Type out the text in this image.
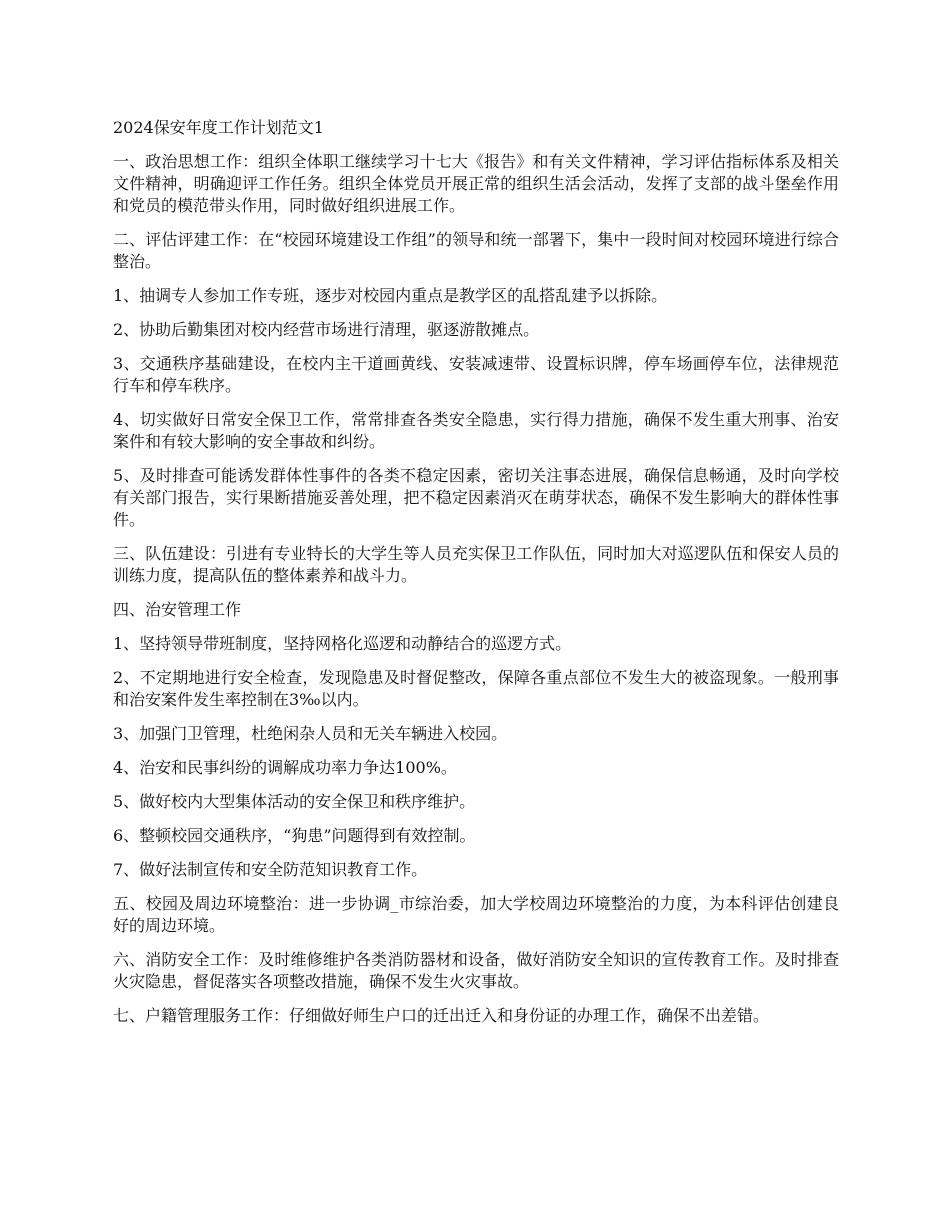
2024保安年度工作计划范文1

一、政治思想工作：组织全体职工继续学习十七大《报告》和有关文件精神，学习评估指标体系及相关文件精神，明确迎评工作任务。组织全体党员开展正常的组织生活会活动，发挥了支部的战斗堡垒作用和党员的模范带头作用，同时做好组织进展工作。

二、评估评建工作：在“校园环境建设工作组”的领导和统一部署下，集中一段时间对校园环境进行综合整治。

1、抽调专人参加工作专班，逐步对校园内重点是教学区的乱搭乱建予以拆除。

2、协助后勤集团对校内经营市场进行清理，驱逐游散摊点。

3、交通秩序基础建设，在校内主干道画黄线、安装减速带、设置标识牌，停车场画停车位，法律规范行车和停车秩序。

4、切实做好日常安全保卫工作，常常排查各类安全隐患，实行得力措施，确保不发生重大刑事、治安案件和有较大影响的安全事故和纠纷。

5、及时排查可能诱发群体性事件的各类不稳定因素，密切关注事态进展，确保信息畅通，及时向学校有关部门报告，实行果断措施妥善处理，把不稳定因素消灭在萌芽状态，确保不发生影响大的群体性事件。

三、队伍建设：引进有专业特长的大学生等人员充实保卫工作队伍，同时加大对巡逻队伍和保安人员的训练力度，提高队伍的整体素养和战斗力。

四、治安管理工作

1、坚持领导带班制度，坚持网格化巡逻和动静结合的巡逻方式。

2、不定期地进行安全检查，发现隐患及时督促整改，保障各重点部位不发生大的被盗现象。一般刑事和治安案件发生率控制在3‰以内。

3、加强门卫管理，杜绝闲杂人员和无关车辆进入校园。

4、治安和民事纠纷的调解成功率力争达100%。

5、做好校内大型集体活动的安全保卫和秩序维护。

6、整顿校园交通秩序，“狗患”问题得到有效控制。

7、做好法制宣传和安全防范知识教育工作。

五、校园及周边环境整治：进一步协调_市综治委，加大学校周边环境整治的力度，为本科评估创建良好的周边环境。

六、消防安全工作：及时维修维护各类消防器材和设备，做好消防安全知识的宣传教育工作。及时排查火灾隐患，督促落实各项整改措施，确保不发生火灾事故。

七、户籍管理服务工作：仔细做好师生户口的迁出迁入和身份证的办理工作，确保不出差错。
